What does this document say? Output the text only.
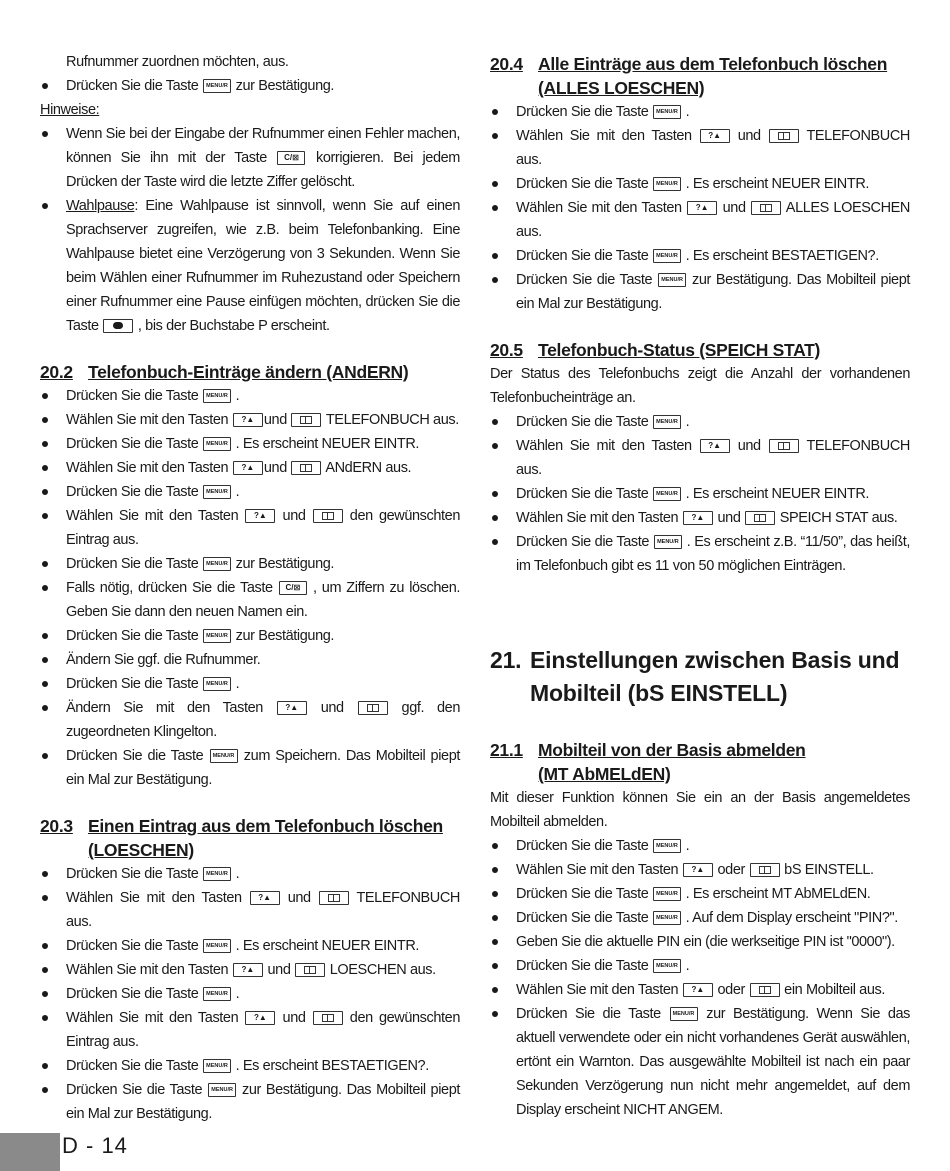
Rufnummer zuordnen möchten, aus.
Drücken Sie die Taste MENU/R zur Bestätigung.
Hinweise:
Wenn Sie bei der Eingabe der Rufnummer einen Fehler machen, können Sie ihn mit der Taste C/⊠ korrigieren. Bei jedem Drücken der Taste wird die letzte Ziffer gelöscht.
Wahlpause: Eine Wahlpause ist sinnvoll, wenn Sie auf einen Sprachserver zugreifen, wie z.B. beim Telefonbanking. Eine Wahlpause bietet eine Verzögerung von 3 Sekunden. Wenn Sie beim Wählen einer Rufnummer im Ruhezustand oder Speichern einer Rufnummer eine Pause einfügen möchten, drücken Sie die Taste  , bis der Buchstabe P erscheint.
20.2 Telefonbuch-Einträge ändern (ANdERN)
Drücken Sie die Taste MENU/R .
Wählen Sie mit den Tasten ?▲ und  TELEFONBUCH aus.
Drücken Sie die Taste MENU/R . Es erscheint NEUER EINTR.
Wählen Sie mit den Tasten ?▲ und  ANdERN aus.
Drücken Sie die Taste MENU/R .
Wählen Sie mit den Tasten ?▲ und  den gewünschten Eintrag aus.
Drücken Sie die Taste MENU/R zur Bestätigung.
Falls nötig, drücken Sie die Taste C/⊠ , um Ziffern zu löschen. Geben Sie dann den neuen Namen ein.
Drücken Sie die Taste MENU/R zur Bestätigung.
Ändern Sie ggf. die Rufnummer.
Drücken Sie die Taste MENU/R .
Ändern Sie mit den Tasten ?▲ und  ggf. den zugeordneten Klingelton.
Drücken Sie die Taste MENU/R zum Speichern. Das Mobilteil piept ein Mal zur Bestätigung.
20.3 Einen Eintrag aus dem Telefonbuch löschen
(LOESCHEN)
Drücken Sie die Taste MENU/R .
Wählen Sie mit den Tasten ?▲ und  TELEFONBUCH aus.
Drücken Sie die Taste MENU/R . Es erscheint NEUER EINTR.
Wählen Sie mit den Tasten ?▲ und  LOESCHEN aus.
Drücken Sie die Taste MENU/R .
Wählen Sie mit den Tasten ?▲ und  den gewünschten Eintrag aus.
Drücken Sie die Taste MENU/R . Es erscheint BESTAETIGEN?.
Drücken Sie die Taste MENU/R zur Bestätigung. Das Mobilteil piept ein Mal zur Bestätigung.
20.4 Alle Einträge aus dem Telefonbuch löschen
(ALLES LOESCHEN)
Drücken Sie die Taste MENU/R .
Wählen Sie mit den Tasten ?▲ und  TELEFONBUCH aus.
Drücken Sie die Taste MENU/R . Es erscheint NEUER EINTR.
Wählen Sie mit den Tasten ?▲ und  ALLES LOESCHEN aus.
Drücken Sie die Taste MENU/R . Es erscheint BESTAETIGEN?.
Drücken Sie die Taste MENU/R zur Bestätigung. Das Mobilteil piept ein Mal zur Bestätigung.
20.5 Telefonbuch-Status (SPEICH STAT)
Der Status des Telefonbuchs zeigt die Anzahl der vorhandenen Telefonbucheinträge an.
Drücken Sie die Taste MENU/R .
Wählen Sie mit den Tasten ?▲ und  TELEFONBUCH aus.
Drücken Sie die Taste MENU/R . Es erscheint NEUER EINTR.
Wählen Sie mit den Tasten ?▲ und  SPEICH STAT aus.
Drücken Sie die Taste MENU/R . Es erscheint z.B. “11/50”, das heißt, im Telefonbuch gibt es 11 von 50 möglichen Einträgen.
21. Einstellungen zwischen Basis und
Mobilteil (bS EINSTELL)
21.1 Mobilteil von der Basis abmelden
(MT AbMELdEN)
Mit dieser Funktion können Sie ein an der Basis angemeldetes Mobilteil abmelden.
Drücken Sie die Taste MENU/R .
Wählen Sie mit den Tasten ?▲ oder  bS EINSTELL.
Drücken Sie die Taste MENU/R . Es erscheint MT AbMELdEN.
Drücken Sie die Taste MENU/R . Auf dem Display erscheint "PIN?".
Geben Sie die aktuelle PIN ein (die werkseitige PIN ist "0000").
Drücken Sie die Taste MENU/R .
Wählen Sie mit den Tasten ?▲ oder  ein Mobilteil aus.
Drücken Sie die Taste MENU/R zur Bestätigung. Wenn Sie das aktuell verwendete oder ein nicht vorhandenes Gerät auswählen, ertönt ein Warnton. Das ausgewählte Mobilteil ist nach ein paar Sekunden Verzögerung nun nicht mehr angemeldet, auf dem Display erscheint NICHT ANGEM.
D - 14
